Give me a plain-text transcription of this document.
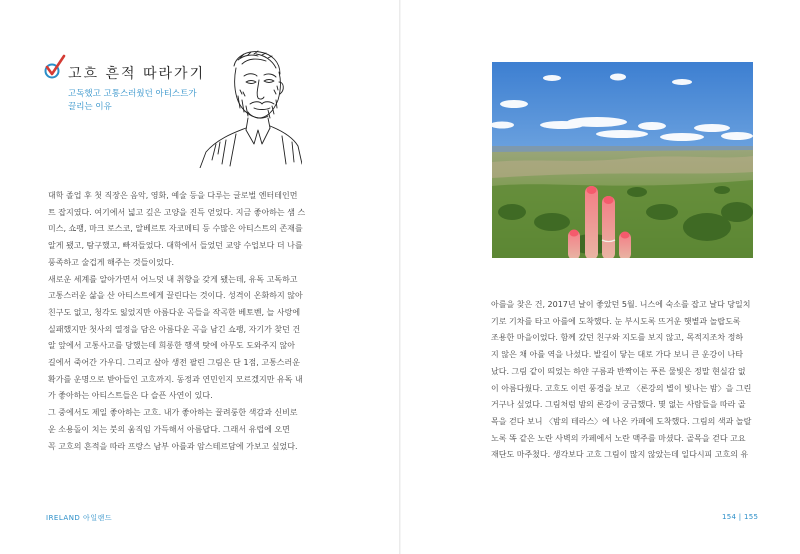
고흐 흔적 따라가기
고독했고 고통스러웠던 아티스트가
끌리는 이유
대학 졸업 후 첫 직장은 음악, 영화, 예술 등을 다루는 글로벌 엔터테인먼
트 잡지였다. 여기에서 넓고 깊은 고양을 진득 얻었다. 지금 좋아하는 샘 스
미스, 쇼팽, 마크 로스코, 알베르토 자코메티 등 수많은 아티스트의 존재를
알게 됐고, 탐구했고, 빠져들었다. 대학에서 들었던 교양 수업보다 더 나를
풍족하고 술겁게 해주는 것들이었다.
새로운 세계를 알아가면서 어느덧 내 취향을 갖게 됐는데, 유독 고독하고
고통스러운 삶을 산 아티스트에게 끌린다는 것이다. 성격이 온화하지 않아
친구도 없고, 청각도 잃었지만 아름다운 곡들을 작곡한 베토벤, 늘 사랑에
실패했지만 첫사의 열정을 담은 아름다운 곡을 남긴 쇼팽, 자기가 찾던 건
알 앞에서 고통사고를 당했는데 희롱한 행색 탓에 아무도 도와주지 않아
길에서 죽어간 가우디. 그리고 살아 생전 팔린 그림은 단 1점, 고통스러운
확가를 운명으로 받아들인 고흐까지. 동정과 연민인지 모르겠지만 유독 내
가 좋아하는 아티스트들은 다 슬픈 사연이 있다.
그 중에서도 제일 좋아하는 고흐. 내가 좋아하는 꿀려룽한 색감과 신비로
운 소용돌이 치는 붓의 움직임 가득해서 아름답다. 그래서 유럽에 오면
꼭 고흐의 흔적을 따라 프랑스 남부 아를과 암스테르담에 가보고 싶었다.
IRELAND 아일랜드
아를을 찾은 건, 2017년 날이 좋았던 5월. 니스에 숙소를 잡고 날다 당일치
기로 기차를 타고 아를에 도착했다. 눈 부시도록 뜨거운 햇볕과 놀랍도록
조용한 마을이었다. 함께 갔던 친구와 지도를 보지 않고, 목적지조차 정하
지 않은 채 아를 역을 나섰다. 발길이 닿는 대로 가다 보니 큰 운강이 나타
났다. 그림 같이 띄었는 하얀 구름과 반짝이는 푸른 물빛은 정말 현실감 없
이 아름다웠다. 고흐도 이런 풍경을 보고 〈론강의 별이 빛나는 밤〉을 그린
거구나 싶었다. 그림처럼 밤의 론강이 궁금했다. 몇 없는 사람들을 따라 골
목을 걷다 보니 〈밤의 테라스〉에 나온 카페에 도착했다. 그림의 색과 놀랄
노록 똑 같은 노란 사벽의 카페에서 노란 맥주를 마셨다. 골목을 걷다 고요
재단도 마주쳤다. 생각보다 고흐 그림이 많지 않았는데 일다시피 고흐의 유
154 | 155
